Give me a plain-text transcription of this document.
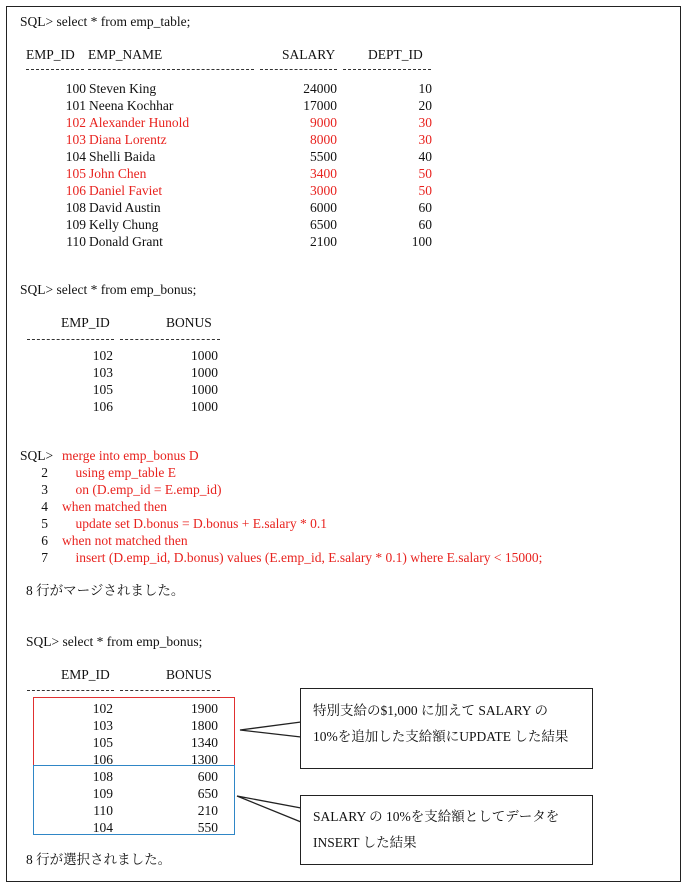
SQL> select * from emp_table;
EMP_ID EMP_NAME	SALARY DEPT_ID
100 Steven King	24000	10
101 Neena Kochhar	17000	20
102 Alexander Hunold	9000	30
103 Diana Lorentz	8000	30
104 Shelli Baida	5500	40
105 John Chen	3400	50
106 Daniel Faviet	3000	50
108 David Austin	6000	60
109 Kelly Chung	6500	60
110 Donald Grant	2100	100
SQL> select * from emp_bonus;
EMP_ID	BONUS
102	1000
103	1000
105	1000
106	1000
SQL> merge into emp_bonus D
2 using emp_table E
3 on (D.emp_id = E.emp_id)
4 when matched then
5 update set D.bonus = D.bonus + E.salary * 0.1
6 when not matched then
7 insert (D.emp_id, D.bonus) values (E.emp_id, E.salary * 0.1) where E.salary < 15000;
8 行がマージされました。
SQL> select * from emp_bonus;
EMP_ID	BONUS
102	1900
103	1800
105	1340
106	1300
108	600
109	650
110	210
104	550
8 行が選択されました。
特別支給の$1,000 に加えて SALARY の
10%を追加した支給額にUPDATE した結果
SALARY の 10%を支給額としてデータを
INSERT した結果
